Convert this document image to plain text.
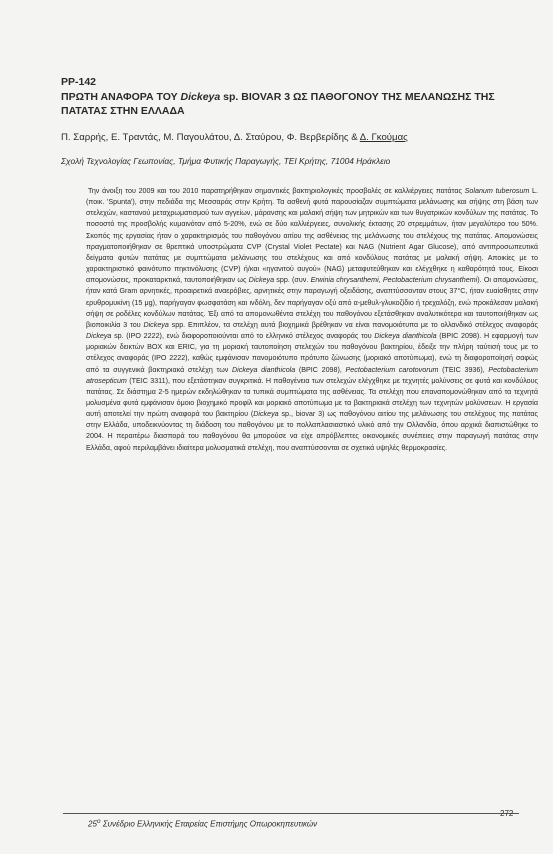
PP-142
ΠΡΩΤΗ ΑΝΑΦΟΡΑ ΤΟΥ Dickeya sp. BIOVAR 3 ΩΣ ΠΑΘΟΓΟΝΟΥ ΤΗΣ ΜΕΛΑΝΩΣΗΣ ΤΗΣ ΠΑΤΑΤΑΣ ΣΤΗΝ ΕΛΛΑΔΑ
Π. Σαρρής, Ε. Τραντάς, Μ. Παγουλάτου, Δ. Σταύρου, Φ. Βερβερίδης & Δ. Γκούμας
Σχολή Τεχνολογίας Γεωπονίας, Τμήμα Φυτικής Παραγωγής, ΤΕΙ Κρήτης, 71004 Ηράκλειο
Την άνοιξη του 2009 και του 2010 παρατηρήθηκαν σημαντικές βακτηριολογικές προσβολές σε καλλιέργειες πατάτας Solanum tuberosum L. (ποικ. 'Spunta'), στην πεδιάδα της Μεσσαράς στην Κρήτη. Τα ασθενή φυτά παρουσίαζαν συμπτώματα μελάνωσης και σήψης στη βάση των στελεχών, καστανού μεταχρωματισμού των αγγείων, μάρανσης και μαλακή σήψη των μητρικών και των θυγατρικών κονδύλων της πατάτας. Το ποσοστό της προσβολής κυμαινόταν από 5-20%, ενώ σε δύο καλλιέργειες, συνολικής έκτασης 20 στρεμμάτων, ήταν μεγαλύτερο του 50%. Σκοπός της εργασίας ήταν ο χαρακτηρισμός του παθογόνου αιτίου της ασθένειας της μελάνωσης του στελέχους της πατάτας. Απομονώσεις πραγματοποιήθηκαν σε θρεπτικά υποστρώματα CVP (Crystal Violet Pectate) και NAG (Nutrient Agar Glucose), από αντιπροσωπευτικά δείγματα φυτών πατάτας με συμπτώματα μελάνωσης του στελέχους και από κονδύλους πατάτας με μαλακή σήψη. Αποικίες με το χαρακτηριστικό φαινότυπο πηκτινόλυσης (CVP) ή/και «ηγανιτού αυγού» (NAG) μεταφυτεύθηκαν και ελέγχθηκε η καθαρότητά τους. Είκοσι απομονώσεις, προκαταρκτικά, ταυτοποιήθηκαν ως Dickeya spp. (συν. Erwinia chrysanthemi, Pectobacterium chrysanthemi). Οι απομονώσεις, ήταν κατά Gram αρνητικές, προαιρετικά αναερόβιες, αρνητικές στην παραγωγή οξειδάσης, αναπτύσσονταν στους 37°C, ήταν ευαίσθητες στην ερυθρομυκίνη (15 μg), παρήγαγαν φωσφατάση και ινδόλη, δεν παρήγαγαν οξύ από α-μεθυλ-γλυκοζίδιο ή τρεχαλόζη, ενώ προκάλεσαν μαλακή σήψη σε ροδέλες κονδύλων πατάτας. Έξι από τα απομονωθέντα στελέχη του παθογόνου εξετάσθηκαν αναλυτικότερα και ταυτοποιήθηκαν ως βιοποικιλία 3 του Dickeya spp. Επιπλέον, τα στελέχη αυτά βιοχημικά βρέθηκαν να είναι πανομοιότυπα με το ολλανδικό στέλεχος αναφοράς Dickeya sp. (IPO 2222), ενώ διαφοροποιούνται από το ελληνικό στέλεχος αναφοράς του Dickeya dianthicola (BPIC 2098). Η εφαρμογή των μοριακών δεικτών BOX και ERIC, για τη μοριακή ταυτοποίηση στελεχών του παθογόνου βακτηρίου, έδειξε την πλήρη ταύτισή τους με το στέλεχος αναφοράς (IPO 2222), καθώς εμφάνισαν πανομοιότυπο πρότυπο ζώνωσης (μοριακό αποτύπωμα), ενώ τη διαφοροποίησή σαφώς από τα συγγενικά βακτηριακά στελέχη των Dickeya dianthicola (BPIC 2098), Pectobacterium carotovorum (TEIC 3936), Pectobacterium atrosepticum (TEIC 3311), που εξετάστηκαν συγκριτικά. Η παθογένεια των στελεχών ελέγχθηκε με τεχνητές μολύνσεις σε φυτά και κονδύλους πατάτας. Σε διάστημα 2-5 ημερών εκδηλώθηκαν τα τυπικά συμπτώματα της ασθένειας. Τα στελέχη που επαναπομονώθηκαν από τα τεχνητά μολυσμένα φυτά εμφάνισαν όμοιο βιοχημικό προφίλ και μοριακό αποτύπωμα με τα βακτηριακά στελέχη των τεχνητών μολύνσεων. Η εργασία αυτή αποτελεί την πρώτη αναφορά του βακτηρίου (Dickeya sp., biovar 3) ως παθογόνου αιτίου της μελάνωσης του στελέχους της πατάτας στην Ελλάδα, υποδεικνύοντας τη διάδοση του παθογόνου με το πολλαπλασιαστικό υλικό από την Ολλανδία, όπου αρχικά διαπιστώθηκε το 2004. Η περαιτέρω διασπορά του παθογόνου θα μπορούσε να είχε απρόβλεπτες οικονομικές συνέπειες στην παραγωγή πατάτας στην Ελλάδα, αφού περιλαμβάνει ιδιαίτερα μολυσματικά στελέχη, που αναπτύσσονται σε σχετικά υψηλές θερμοκρασίες.
$25^o$ Συνέδριο Ελληνικής Εταιρείας Επιστήμης Οπωροκηπευτικών
272
